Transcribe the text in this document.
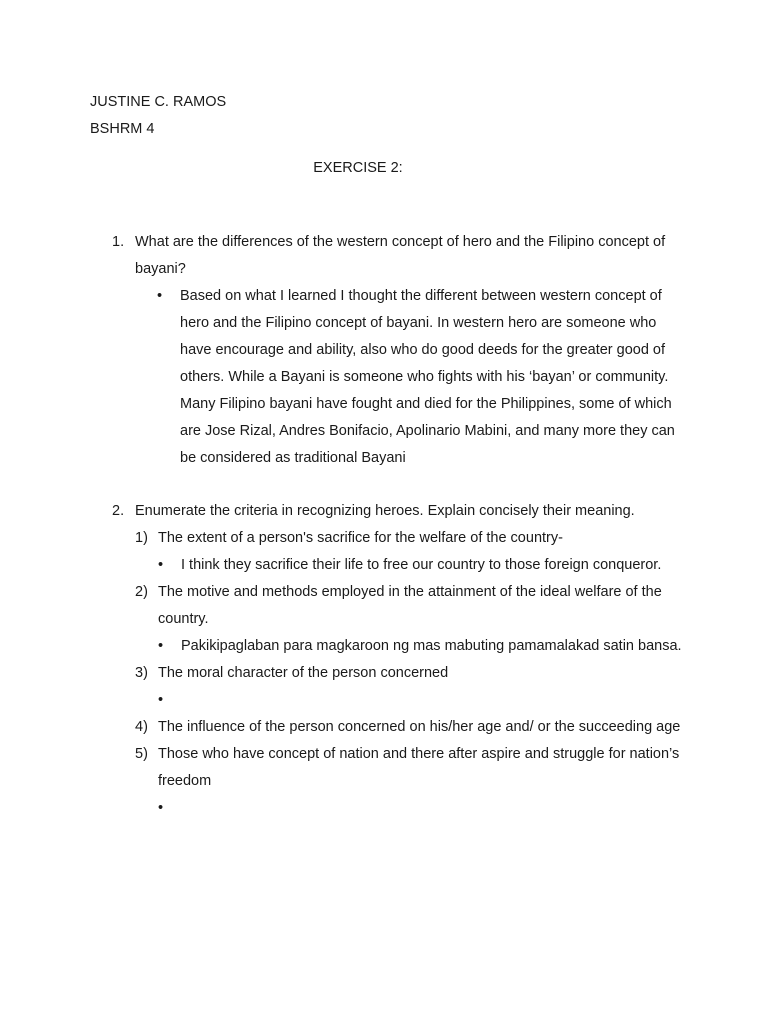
JUSTINE C. RAMOS
BSHRM 4
EXERCISE 2:
1. What are the differences of the western concept of hero and the Filipino concept of bayani?
•	Based on what I learned I thought the different between western concept of hero and the Filipino concept of bayani. In western hero are someone who have encourage and ability, also who do good deeds for the greater good of others. While a Bayani is someone who fights with his ‘bayan’ or community. Many Filipino bayani have fought and died for the Philippines, some of which are Jose Rizal, Andres Bonifacio, Apolinario Mabini, and many more they can be considered as traditional Bayani
2. Enumerate the criteria in recognizing heroes. Explain concisely their meaning.
1) The extent of a person's sacrifice for the welfare of the country-
•	I think they sacrifice their life to free our country to those foreign conqueror.
2) The motive and methods employed in the attainment of the ideal welfare of the country.
•	Pakikipaglaban para magkaroon ng mas mabuting pamamalakad satin bansa.
3) The moral character of the person concerned
•
4) The influence of the person concerned on his/her age and/ or the succeeding age
5) Those who have concept of nation and there after aspire and struggle for nation’s freedom
•
